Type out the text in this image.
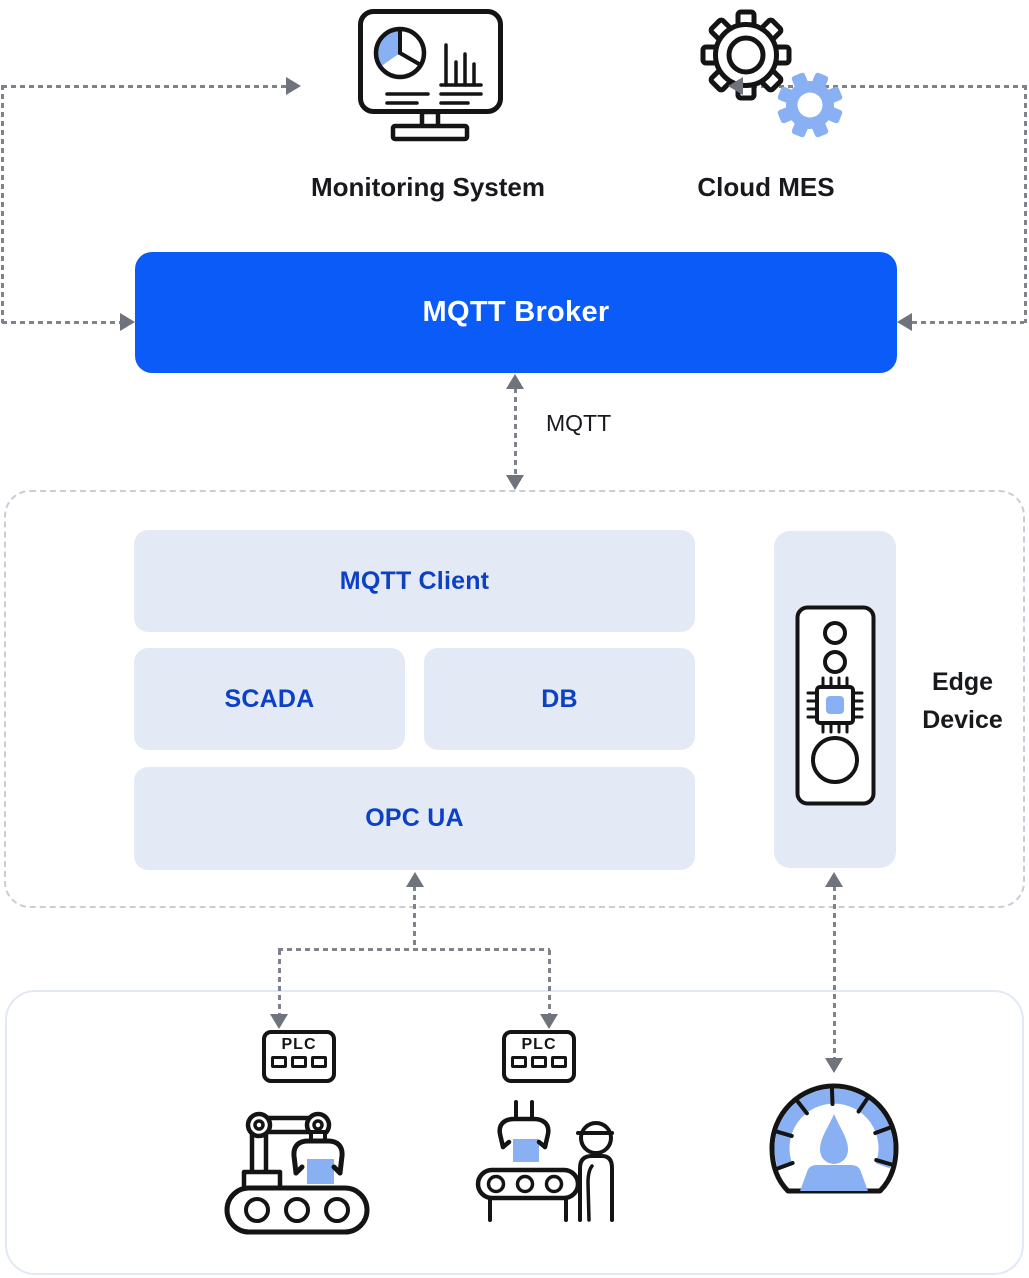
Monitoring System	Cloud MES
MQTT Broker
MQTT
MQTT Client
SCADA	DB
OPC UA
Edge
Device
PLC	PLC
